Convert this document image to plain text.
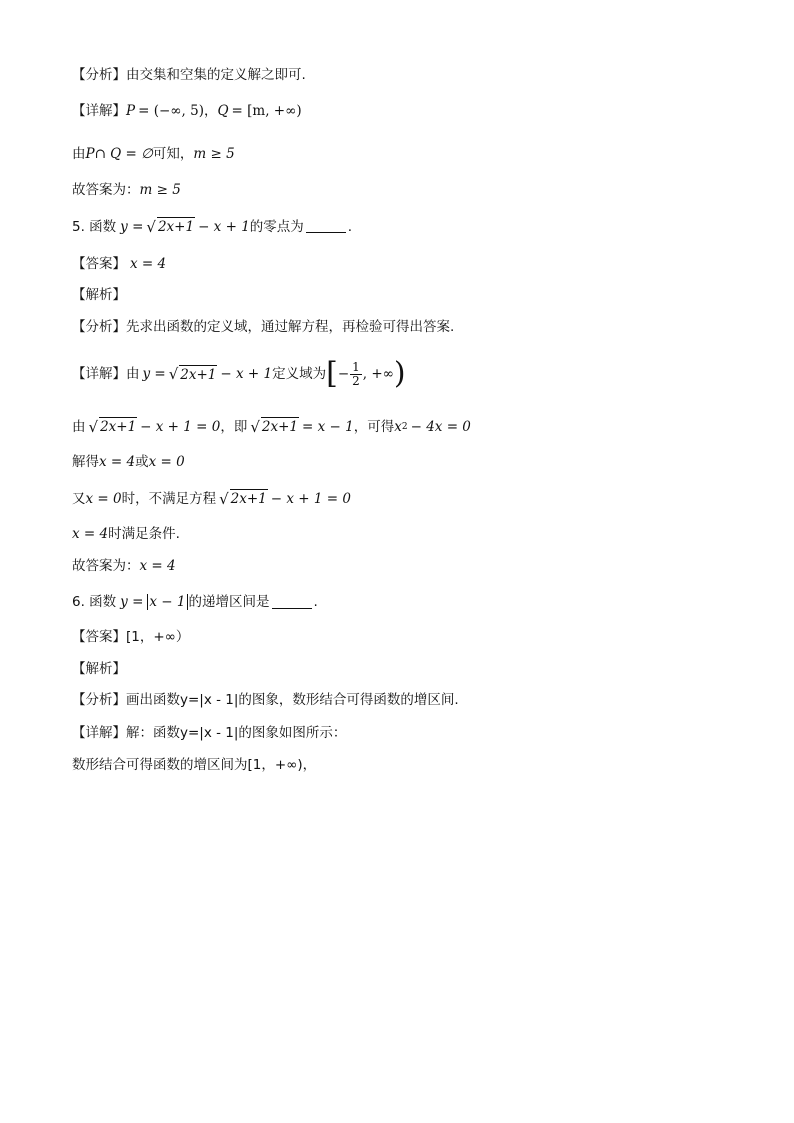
【分析】 由交集和空集的定义解之即可.
【详解】 P = (−∞, 5) ， Q = [m, +∞)
由 P∩ Q = ∅ 可知， m ≥ 5
故答案为： m ≥ 5
5. 函数 y = √ 2x+1 − x + 1 的零点为	.
【答案】 x = 4
【解析】
【分析】 先求出函数的定义域，通过解方程，再检验可得出答案.
【详解】 由 y = √ 2x+1 − x + 1 定义域为 [ − $\frac{1}{2}$ , +∞ )
由 √ 2x+1 − x + 1 = 0 ，即 √ 2x+1 = x − 1 ，可得 x 2 − 4x = 0
解得 x = 4 或 x = 0
又 x = 0 时，不满足方程 √ 2x+1 − x + 1 = 0
x = 4 时满足条件.
故答案为： x = 4
6. 函数 y = x − 1 的递增区间是	.
【答案】 [1，+∞）
【解析】
【分析】 画出函数y=|x - 1|的图象，数形结合可得函数的增区间.
【详解】 解：函数y=|x - 1|的图象如图所示：
数形结合可得函数的增区间为[1，+∞)，
